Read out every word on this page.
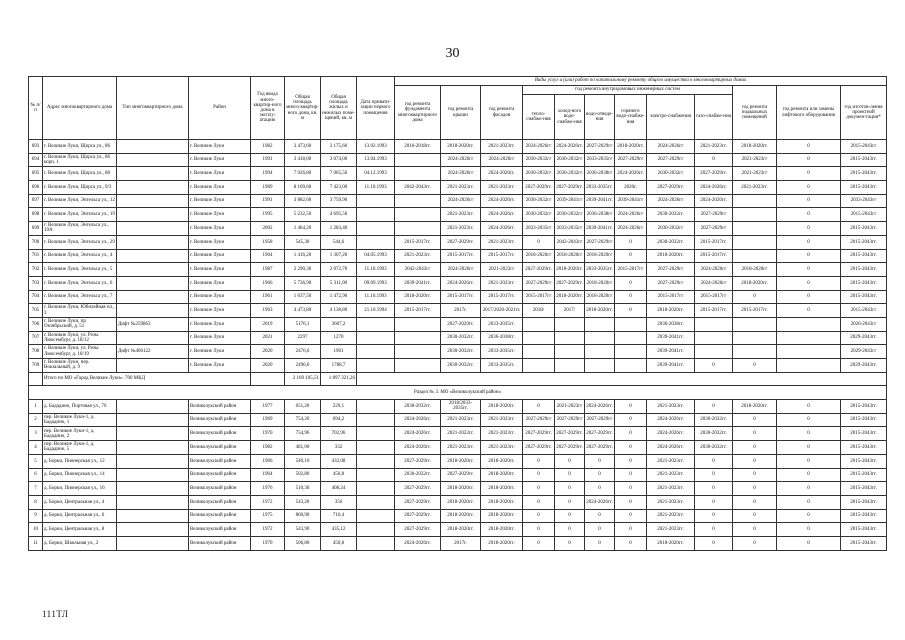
30
№ п/п	Адрес многоквартирного дома	Тип многоквартирного дома	Район	Год ввода много-квартир-ного дома в эксплу-атацию	Общая площадь много-квартир-ного дома, кв. м	Общая площадь жилых и нежилых поме-щений, кв. м	Дата привати-зации первого помещения	Виды услуг и (или) работ по капитальному ремонту общего имущества в многоквартирных домах											
								год ремонта фундамента многоквартирного дома	год ремонта крыши	год ремонта фасадов	год ремонта внутридомовых инженерных систем						год ремонта подвальных помещений	год ремонта или замены лифтового оборудования	год изготов-ления проектной докумен-тации*
											тепло-снабже-ния	холод-ного водо-снабже-ния	водо-отведе-ния	горячего водо-снабже-ния	электро-снабжения	газо-снабже-ния			
693	г. Великие Луки, Щорса ул., 86		г. Великие Луки	1982	3 473,60	3 175,60	13.02.1993	2016-2018гг.	2018-2020гг.	2021-2023гг.	2024-2026гг	2024-2026гг.	2027-2029гг	2018-2020гг.	2024-2026гг	2021-2023гг.	2018-2020гг.	0	2015-2043гг
694	г. Великие Луки, Щорса ул., 86 корп. 1		г. Великие Луки	1991	3 418,00	3 074,00	13.04.1993		2024-2026гг	2024-2026гг	2030-2032гг	2030-2032гг	2033-2035гг	2027-2029гг	2027-2029гг	0	2021-2023гг	0	2015-2043гг.
695	г. Великие Луки, Щорса ул., 88		г. Великие Луки	1994	7 926,80	7 065,50	04.12.1993		2024-2026гг	2024-2026гг.	2030-2032гг	2030-2032гг	2036-2038гг	2024-2026гг.	2030-2032гг	2027-2029гг.	2021-2023гг	0	2015-2043гг.
696	г. Великие Луки, Щорса ул., 9/3		г. Великие Луки	1989	8 109,60	7 423,00	11.10.1993	2042-2043гг.	2021-2023гг.	2021-2023гг.	2027-2029гг.	2027-2029гг.	2033-2035гг.	2020г.	2027-2029гг.	2024-2026гг.	2021-2023гг.	0	2015-2043гг.
697	г. Великие Луки, Энгельса ул., 12		г. Великие Луки	1991	3 882,60	3 759,90			2024-2026гг	2024-2026гг.	2030-2032гг	2039-2041гг	2039-2041гг.	2039-2041гг	2024-2026гг	2024-2026гг.		0	2033-2043гг
698	г. Великие Луки, Энгельса ул., 19		г. Великие Луки	1995	5 232,50	4 695,50			2021-2023гг.	2024-2026гг.	2030-2032гг	2030-2032гг	2036-2038гг	2024-2026гг	2030-2032гг.	2027-2029гг		0	2015-2043гг
699	г. Великие Луки, Энгельса ул., 19А		г. Великие Луки	2002	1 464,20	1 283,40			2021-2023гг.	2024-2026гг.	2033-2035гг	2033-2035гг	2039-2041гг.	2024-2026гг	2030-2032гг	2027-2029гг		0	2015-2043гг.
700	г. Великие Луки, Энгельса ул., 29		г. Великие Луки	1958	545,30	544,6		2015-2017гг.	2027-2029гг.	2021-2023гг.	0	2042-2043гг	2027-2029гг	0	2030-2032гг.	2015-2017гг.		0	2015-2043гг.
701	г. Великие Луки, Энгельса ул., 4		г. Великие Луки	1964	1 416,20	1 307,20	04.05.1993	2021-2023гг.	2015-2017гг.	2015-2017гг.	2018-2020гг	2018-2020гг	2018-2020гг	0	2018-2020гг.	2015-2017гг.		0	2015-2043гг.
702	г. Великие Луки, Энгельса ул., 5		г. Великие Луки	1987	2 290,30	2 072,70	11.10.1993	2042-2043гг	2024-2026гг	2021-2023гг	2027-2029гг.	2018-2020гг.	2033-2035гг.	2015-2017гг	2027-2029гг	2024-2026гг	2018-2020гг	0	2015-2043гг.
703	г. Великие Луки, Энгельса ул., 6		г. Великие Луки	1966	5 736,90	5 311,00	09.09.1993	2039-2041гг.	2024-2026гг.	2021-2023гг.	2027-2029гг	2027-2029гг.	2018-2020гг	0	2027-2029гг	2024-2026гг	2018-2020гг.	0	2015-2043гг.
704	г. Великие Луки, Энгельса ул., 7		г. Великие Луки	1961	1 637,50	1 472,90	11.10.1993	2018-2020гг.	2015-2017гг.	2015-2017гг.	2015-2017гг	2018-2020гг.	2018-2020гг	0	2015-2017гг	2015-2017гг	0	0	2015-2043гг.
705	г. Великие Луки, Юбилейная пл., 3		г. Великие Луки	1963	4 473,80	4 138,80	21.10.1994	2015-2017гг.	2017г.	2017/2020-2021гг.	2018/	2017/	2018-2020гг.	0	2018-2020гг.	2015-2017гг.	2015-2017гг.	0	2015-2043гг
706	г. Великие Луки, пр Октябрьский, д. 51	Дифт №259863	г. Великие Луки	2019	5176,1	3607,2			2027-2029гг.	2033-2035гг.					2036-2038гг.				2026-2043гг
707	г. Великие Луки, ул. Розы Люксембург, д. 18/12		г. Великие Луки	2021	2297	1270			2030-2032гг.	2036-2038гг.					2039-2041гг.				2029-2043гг.
708	г. Великие Луки, ул. Розы Люксембург, д. 18/19	Дифт №406122	г. Великие Луки	2020	2476,6	1961			2030-2032гг.	2033-2035гг.					2039-2041гг.				2029-2043гг
709	г. Великие Луки, пер. Вокзальный, д. 9		г. Великие Луки	2020	2496,6	1788,7			2030-2032гг.	2033-2035гг.					2039-2041гг.	0	0		2029-2043гг.
	Итого по МО «Город Великие Луки»: 700 МКД				2 169 105,51	1 897 321,26													
Раздел № 3. МО «Великолукский район»																			
1	д. Бададино, Портовая ул., 76		Великолукский район	1977	651,20	229,1		2030-2032гг.	2018/2033-2035гг.	2018-2020гг.	0	2021-2023гг	2024-2026гг.	0	2021-2023гг.	0	2018-2020гг.	0	2015-2043гг.
2	пер. Великие Луки-1, д. Бададино, 1		Великолукский район	1969	754,20	694,2		2024-2026гг.	2021-2023гг.	2021-2023гг.	2027-2029гг	2027-2029гг	2027-2029гг	0	2024-2026гг.	2030-2032гг.	0	0	2015-2043гг.
3	пер. Великие Луки-1, д. Бададино, 2		Великолукский район	1970	754,96	702,96		2024-2026гг.	2021-2023гг.	2021-2023гг.	2027-2029гг.	2027-2029гг.	2027-2029гг.	0	2024-2026гг.	2030-2032гг.	0	0	2015-2043гг.
4	пер. Великие Луки-1, д. Бададино, 5		Великолукский район	1982	481,00	332		2024-2026гг.	2021-2023гг.	2021-2023гг.	2027-2029гг.	2027-2029гг.	2027-2029гг.	0	2024-2026гг.	2030-2032гг.	0	0	2015-2043гг.
5	д. Борки, Пионерская ул., 12		Великолукский район	1966	540,10	432,08		2027-2029гг.	2018-2020гг.	2018-2020гг.	0	0	0	0	2021-2023гг.	0	0	0	2015-2043гг.
6	д. Борки, Пионерская ул., 14		Великолукский район	1964	502,80	450,8		2030-2032гг.	2027-2029гг.	2018-2020гг.	0	0	0	0	2021-2023гг.	0	0	0	2015-2043гг.
7	д. Борки, Пионерская ул., 16		Великолукский район	1976	510,30	408,24		2027-2029гг.	2018-2020гг.	2018-2020гг.	0	0	0	0	2021-2023гг.	0	0	0	2015-2043гг.
8	д. Борки, Центральная ул., 4		Великолукский район	1972	543,20	356		2027-2029гг.	2018-2020гг.	2018-2020гг.	0	0	2024-2026гг.	0	2021-2023гг.	0	0	0	2015-2043гг.
9	д. Борки, Центральная ул., 6		Великолукский район	1975	860,90	716,4		2027-2029гг.	2018-2020гг.	2018-2020гг.	0	0	0	0	2021-2023гг.	0	0	0	2015-2043гг.
10	д. Борки, Центральная ул., 8		Великолукский район	1972	543,90	435,12		2027-2029гг.	2018-2020гг.	2018-2020гг.	0	0	0	0	2021-2023гг.	0	0	0	2015-2043гг.
11	д. Борки, Школьная ул., 2		Великолукский район	1970	506,80	450,8		2024-2026гг.	2017г.	2018-2020гг.	0	0	0	0	2018-2020гг.	0	0	0	2015-2043гг.
111ТЛ
